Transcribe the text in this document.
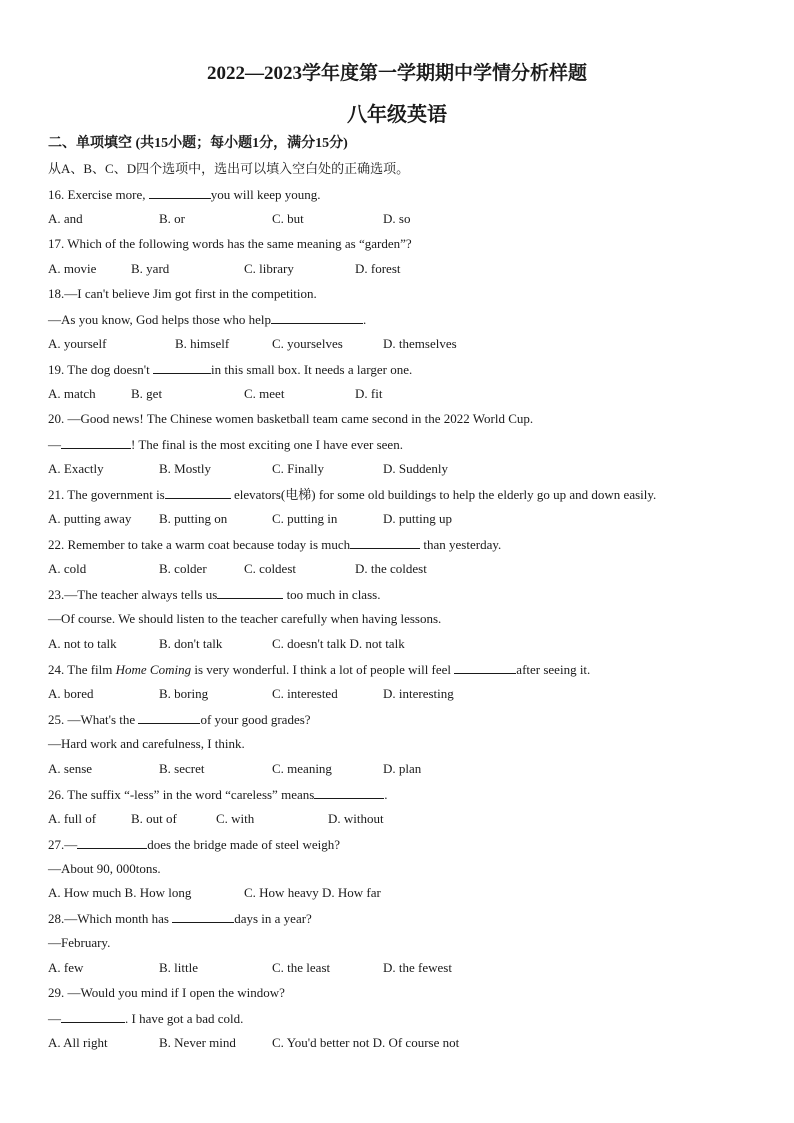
2022—2023学年度第一学期期中学情分析样题
八年级英语
二、单项填空 (共15小题；每小题1分，满分15分)
从A、B、C、D四个选项中，选出可以填入空白处的正确选项。
16. Exercise more,	you will keep young.
A. and	B. or	C. but	D. so
17. Which of the following words has the same meaning as “garden”?
A. movie	B. yard	C. library	D. forest
18.—I can't believe Jim got first in the competition.
—As you know, God helps those who help	.
A. yourself	B. himself	C. yourselves	D. themselves
19. The dog doesn't	in this small box. It needs a larger one.
A. match	B. get	C. meet	D. fit
20. —Good news! The Chinese women basketball team came second in the 2022 World Cup.
—	! The final is the most exciting one I have ever seen.
A. Exactly	B. Mostly	C. Finally	D. Suddenly
21. The government is	elevators(电梯) for some old buildings to help the elderly go up and down easily.
A. putting away B. putting on	C. putting in	D. putting up
22. Remember to take a warm coat because today is much	than yesterday.
A. cold	B. colder	C. coldest	D. the coldest
23.—The teacher always tells us	too much in class.
—Of course. We should listen to the teacher carefully when having lessons.
A. not to talk	B. don't talk	C. doesn't talk D. not talk
24. The film Home Coming is very wonderful. I think a lot of people will feel	after seeing it.
A. bored	B. boring	C. interested	D. interesting
25. —What's the	of your good grades?
—Hard work and carefulness, I think.
A. sense	B. secret	C. meaning	D. plan
26. The suffix “-less” in the word “careless” means	.
A. full of	B. out of	C. with	D. without
27.—	does the bridge made of steel weigh?
—About 90, 000tons.
A. How much B. How long	C. How heavy D. How far
28.—Which month has	days in a year?
—February.
A. few	B. little	C. the least	D. the fewest
29. —Would you mind if I open the window?
—	. I have got a bad cold.
A. All right	B. Never mind	C. You'd better not D. Of course not
